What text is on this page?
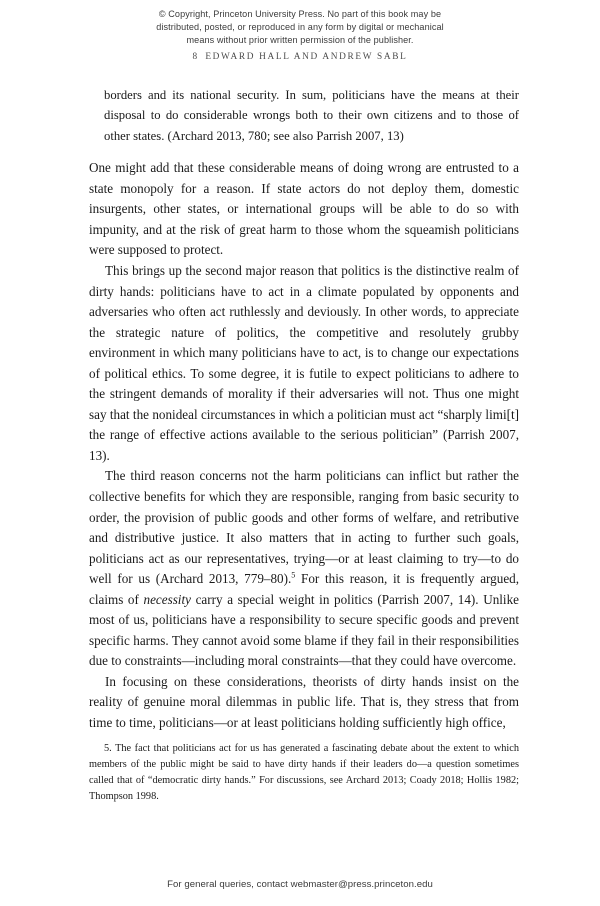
© Copyright, Princeton University Press. No part of this book may be
distributed, posted, or reproduced in any form by digital or mechanical
means without prior written permission of the publisher.
8 EDWARD HALL AND ANDREW SABL

borders and its national security. In sum, politicians have the means at their disposal to do considerable wrongs both to their own citizens and to those of other states. (Archard 2013, 780; see also Parrish 2007, 13)

One might add that these considerable means of doing wrong are entrusted to a state monopoly for a reason. If state actors do not deploy them, domestic insurgents, other states, or international groups will be able to do so with impunity, and at the risk of great harm to those whom the squeamish politicians were supposed to protect.

This brings up the second major reason that politics is the distinctive realm of dirty hands: politicians have to act in a climate populated by opponents and adversaries who often act ruthlessly and deviously. In other words, to appreciate the strategic nature of politics, the competitive and resolutely grubby environment in which many politicians have to act, is to change our expectations of political ethics. To some degree, it is futile to expect politicians to adhere to the stringent demands of morality if their adversaries will not. Thus one might say that the nonideal circumstances in which a politician must act “sharply limi[t] the range of effective actions available to the serious politician” (Parrish 2007, 13).

The third reason concerns not the harm politicians can inflict but rather the collective benefits for which they are responsible, ranging from basic security to order, the provision of public goods and other forms of welfare, and retributive and distributive justice. It also matters that in acting to further such goals, politicians act as our representatives, trying—or at least claiming to try—to do well for us (Archard 2013, 779–80).$^5$ For this reason, it is frequently argued, claims of necessity carry a special weight in politics (Parrish 2007, 14). Unlike most of us, politicians have a responsibility to secure specific goods and prevent specific harms. They cannot avoid some blame if they fail in their responsibilities due to constraints—including moral constraints—that they could have overcome.

In focusing on these considerations, theorists of dirty hands insist on the reality of genuine moral dilemmas in public life. That is, they stress that from time to time, politicians—or at least politicians holding sufficiently high office,

5. The fact that politicians act for us has generated a fascinating debate about the extent to which members of the public might be said to have dirty hands if their leaders do—a question sometimes called that of “democratic dirty hands.” For discussions, see Archard 2013; Coady 2018; Hollis 1982; Thompson 1998.

For general queries, contact webmaster@press.princeton.edu
